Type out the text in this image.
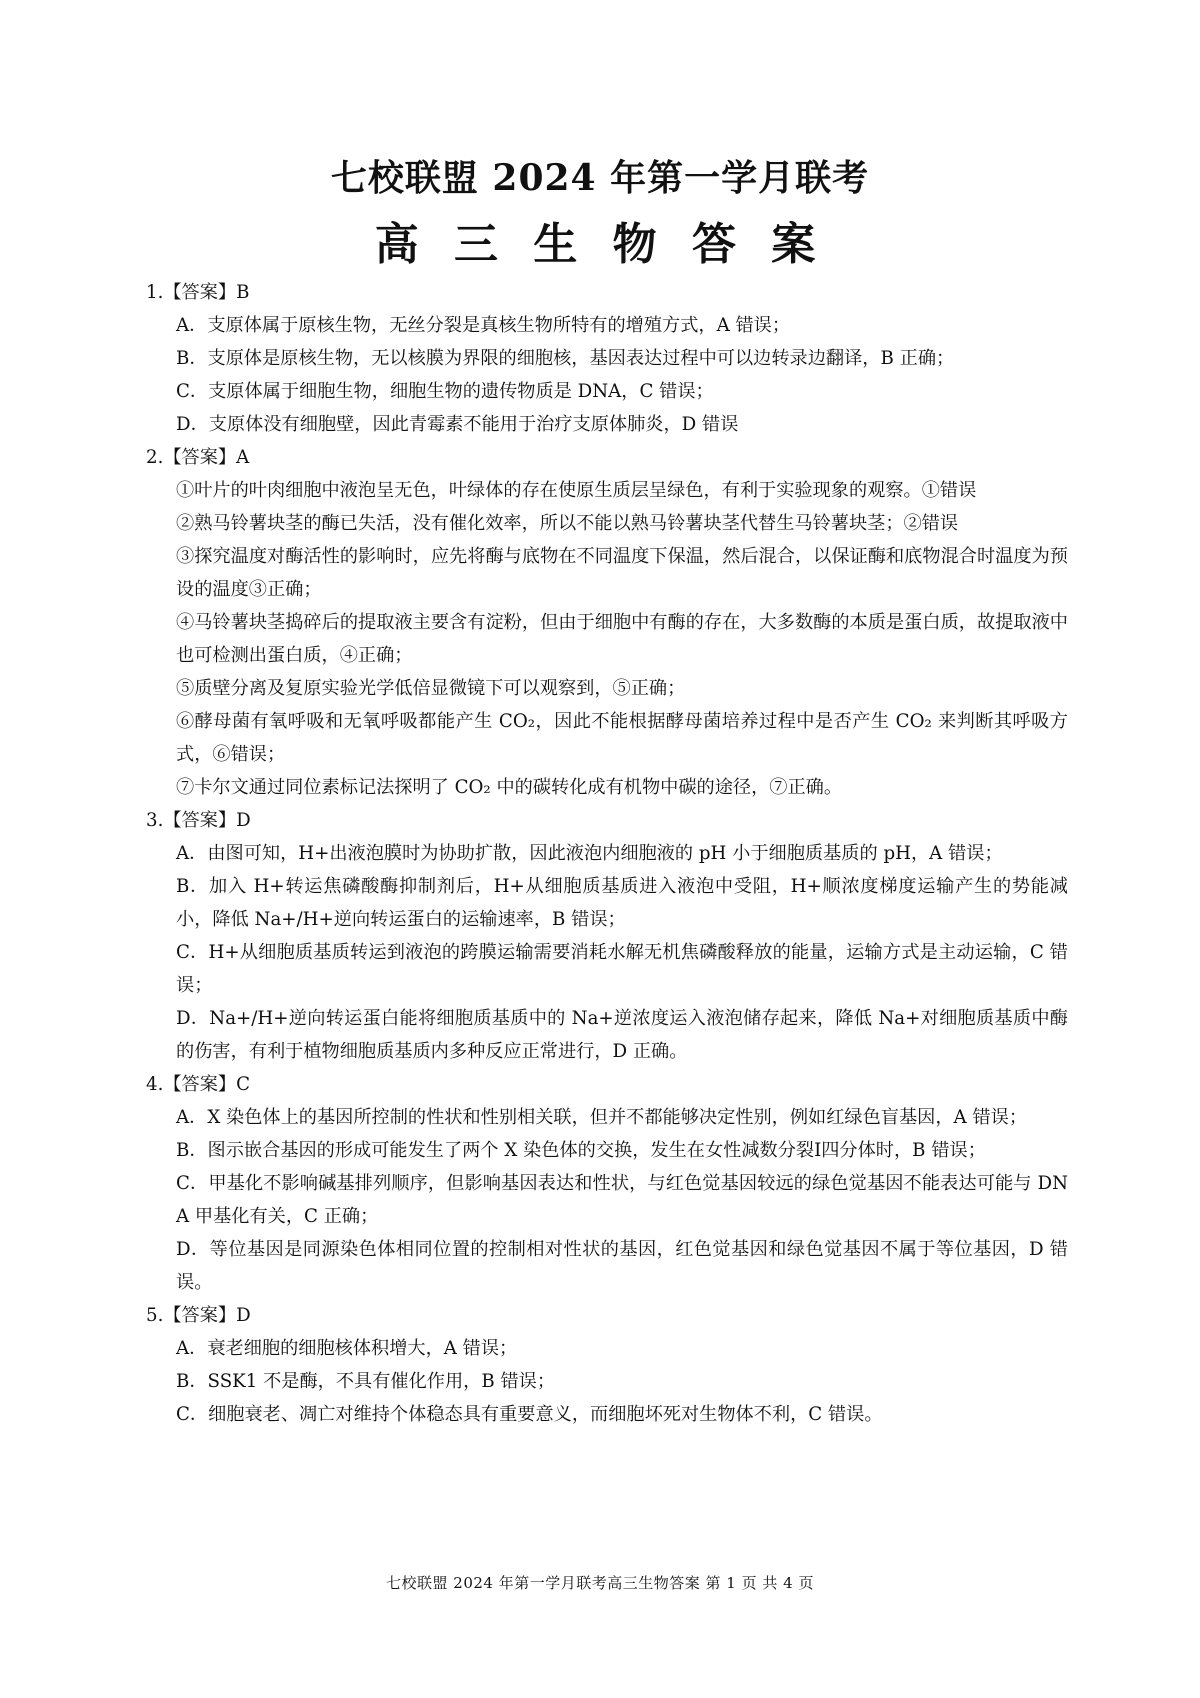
七校联盟 2024 年第一学月联考
高 三 生 物 答 案

1.【答案】B

A．支原体属于原核生物，无丝分裂是真核生物所特有的增殖方式，A 错误；

B．支原体是原核生物，无以核膜为界限的细胞核，基因表达过程中可以边转录边翻译，B 正确；

C．支原体属于细胞生物，细胞生物的遗传物质是 DNA，C 错误；

D．支原体没有细胞壁，因此青霉素不能用于治疗支原体肺炎，D 错误

2.【答案】A

①叶片的叶肉细胞中液泡呈无色，叶绿体的存在使原生质层呈绿色，有利于实验现象的观察。①错误

②熟马铃薯块茎的酶已失活，没有催化效率，所以不能以熟马铃薯块茎代替生马铃薯块茎；②错误

③探究温度对酶活性的影响时，应先将酶与底物在不同温度下保温，然后混合，以保证酶和底物混合时温度为预设的温度③正确；

④马铃薯块茎捣碎后的提取液主要含有淀粉，但由于细胞中有酶的存在，大多数酶的本质是蛋白质，故提取液中也可检测出蛋白质，④正确；

⑤质壁分离及复原实验光学低倍显微镜下可以观察到，⑤正确；

⑥酵母菌有氧呼吸和无氧呼吸都能产生 CO₂，因此不能根据酵母菌培养过程中是否产生 CO₂ 来判断其呼吸方式，⑥错误；

⑦卡尔文通过同位素标记法探明了 CO₂ 中的碳转化成有机物中碳的途径，⑦正确。

3.【答案】D

A．由图可知，H+出液泡膜时为协助扩散，因此液泡内细胞液的 pH 小于细胞质基质的 pH，A 错误；

B．加入 H+转运焦磷酸酶抑制剂后，H+从细胞质基质进入液泡中受阻，H+顺浓度梯度运输产生的势能减小，降低 Na+/H+逆向转运蛋白的运输速率，B 错误；

C．H+从细胞质基质转运到液泡的跨膜运输需要消耗水解无机焦磷酸释放的能量，运输方式是主动运输，C 错误；

D．Na+/H+逆向转运蛋白能将细胞质基质中的 Na+逆浓度运入液泡储存起来，降低 Na+对细胞质基质中酶的伤害，有利于植物细胞质基质内多种反应正常进行，D 正确。

4.【答案】C

A．X 染色体上的基因所控制的性状和性别相关联，但并不都能够决定性别，例如红绿色盲基因，A 错误；

B．图示嵌合基因的形成可能发生了两个 X 染色体的交换，发生在女性减数分裂Ⅰ四分体时，B 错误；

C．甲基化不影响碱基排列顺序，但影响基因表达和性状，与红色觉基因较远的绿色觉基因不能表达可能与 DNA 甲基化有关，C 正确；

D．等位基因是同源染色体相同位置的控制相对性状的基因，红色觉基因和绿色觉基因不属于等位基因，D 错误。

5.【答案】D

A．衰老细胞的细胞核体积增大，A 错误；

B．SSK1 不是酶，不具有催化作用，B 错误；

C．细胞衰老、凋亡对维持个体稳态具有重要意义，而细胞坏死对生物体不利，C 错误。

七校联盟 2024 年第一学月联考高三生物答案 第 1 页 共 4 页
